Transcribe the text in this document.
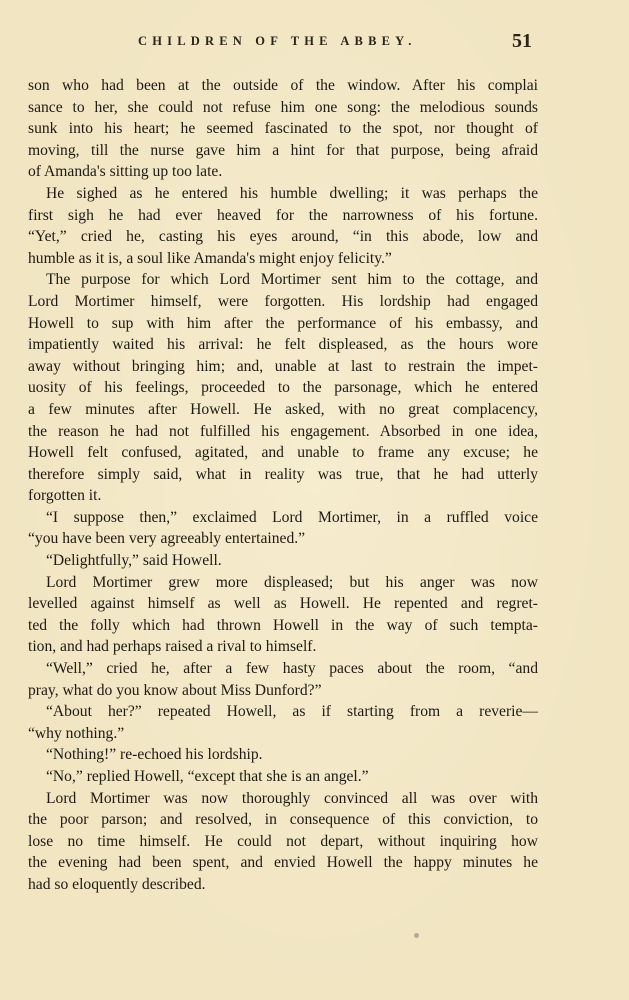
CHILDREN OF THE ABBEY.	51
son who had been at the outside of the window. After his complai
sance to her, she could not refuse him one song: the melodious sounds
sunk into his heart; he seemed fascinated to the spot, nor thought of
moving, till the nurse gave him a hint for that purpose, being afraid
of Amanda's sitting up too late.
He sighed as he entered his humble dwelling; it was perhaps the
first sigh he had ever heaved for the narrowness of his fortune.
“Yet,” cried he, casting his eyes around, “in this abode, low and
humble as it is, a soul like Amanda's might enjoy felicity.”
The purpose for which Lord Mortimer sent him to the cottage, and
Lord Mortimer himself, were forgotten. His lordship had engaged
Howell to sup with him after the performance of his embassy, and
impatiently waited his arrival: he felt displeased, as the hours wore
away without bringing him; and, unable at last to restrain the impet-
uosity of his feelings, proceeded to the parsonage, which he entered
a few minutes after Howell. He asked, with no great complacency,
the reason he had not fulfilled his engagement. Absorbed in one idea,
Howell felt confused, agitated, and unable to frame any excuse; he
therefore simply said, what in reality was true, that he had utterly
forgotten it.
“I suppose then,” exclaimed Lord Mortimer, in a ruffled voice
“you have been very agreeably entertained.”
“Delightfully,” said Howell.
Lord Mortimer grew more displeased; but his anger was now
levelled against himself as well as Howell. He repented and regret-
ted the folly which had thrown Howell in the way of such tempta-
tion, and had perhaps raised a rival to himself.
“Well,” cried he, after a few hasty paces about the room, “and
pray, what do you know about Miss Dunford?”
“About her?” repeated Howell, as if starting from a reverie—
“why nothing.”
“Nothing!” re-echoed his lordship.
“No,” replied Howell, “except that she is an angel.”
Lord Mortimer was now thoroughly convinced all was over with
the poor parson; and resolved, in consequence of this conviction, to
lose no time himself. He could not depart, without inquiring how
the evening had been spent, and envied Howell the happy minutes he
had so eloquently described.
